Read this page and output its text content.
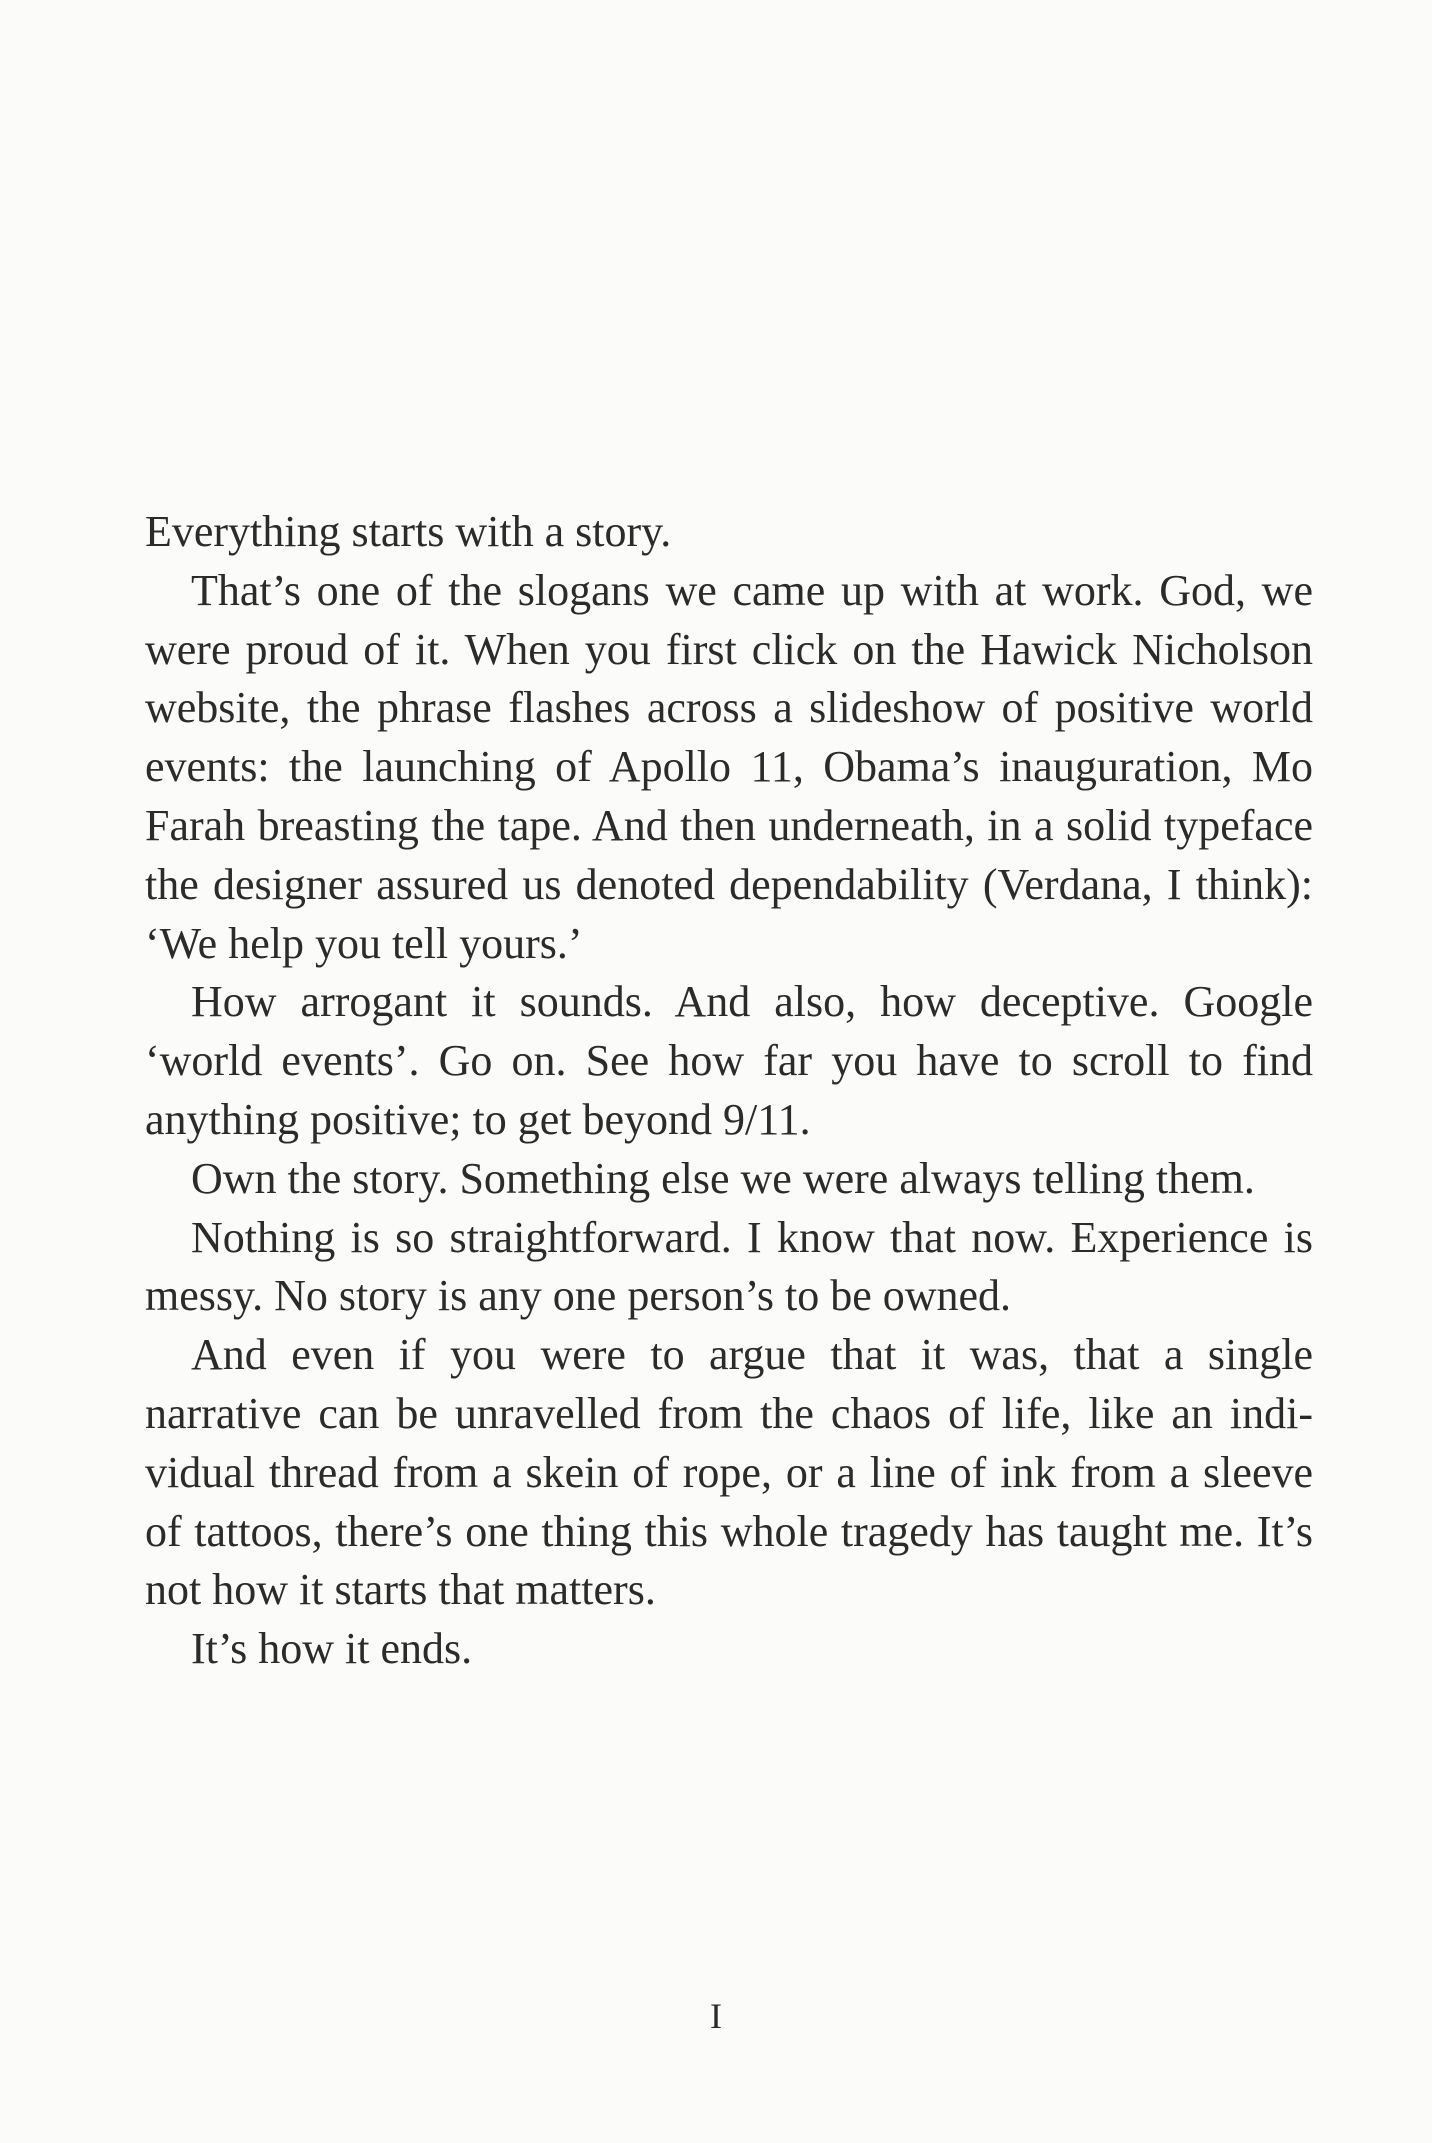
Everything starts with a story.

That’s one of the slogans we came up with at work. God, we were proud of it. When you first click on the Hawick Nicholson website, the phrase flashes across a slideshow of positive world events: the launching of Apollo 11, Obama’s inauguration, Mo Farah breasting the tape. And then underneath, in a solid typeface the designer assured us denoted dependability (Verdana, I think): ‘We help you tell yours.’

How arrogant it sounds. And also, how deceptive. Google ‘world events’. Go on. See how far you have to scroll to find anything positive; to get beyond 9/11.

Own the story. Something else we were always telling them.

Nothing is so straightforward. I know that now. Experience is messy. No story is any one person’s to be owned.

And even if you were to argue that it was, that a single narrative can be unravelled from the chaos of life, like an individual thread from a skein of rope, or a line of ink from a sleeve of tattoos, there’s one thing this whole tragedy has taught me. It’s not how it starts that matters.

It’s how it ends.

I
